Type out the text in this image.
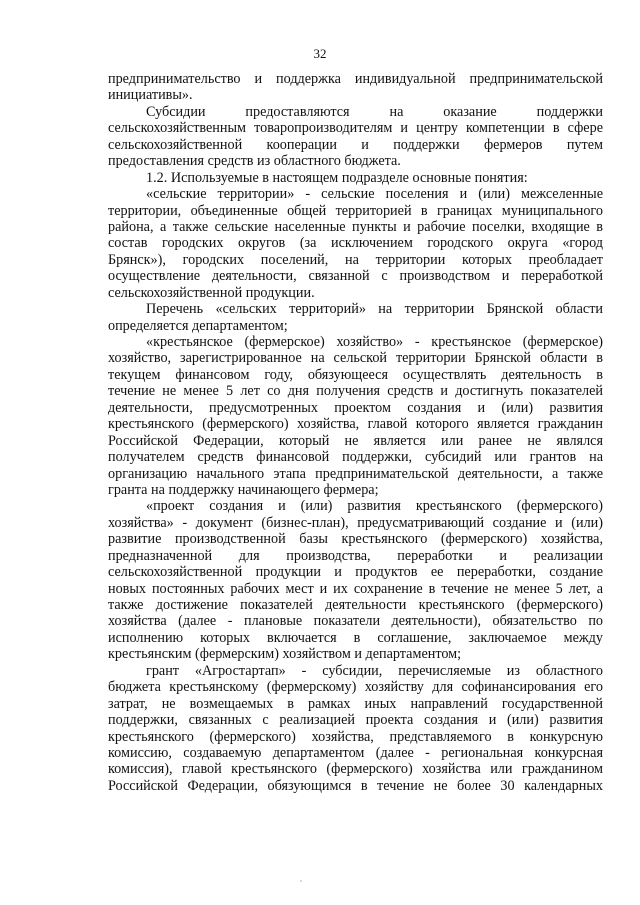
32
предпринимательство и поддержка индивидуальной предпринимательской
инициативы».
Субсидии предоставляются на оказание поддержки
сельскохозяйственным товаропроизводителям и центру компетенции в сфере
сельскохозяйственной кооперации и поддержки фермеров путем
предоставления средств из областного бюджета.
1.2. Используемые в настоящем подразделе основные понятия:
«сельские территории» - сельские поселения и (или) межселенные
территории, объединенные общей территорией в границах муниципального
района, а также сельские населенные пункты и рабочие поселки, входящие в
состав городских округов (за исключением городского округа «город
Брянск»), городских поселений, на территории которых преобладает
осуществление деятельности, связанной с производством и переработкой
сельскохозяйственной продукции.
Перечень «сельских территорий» на территории Брянской области
определяется департаментом;
«крестьянское (фермерское) хозяйство» - крестьянское (фермерское)
хозяйство, зарегистрированное на сельской территории Брянской области в
текущем финансовом году, обязующееся осуществлять деятельность в
течение не менее 5 лет со дня получения средств и достигнуть показателей
деятельности, предусмотренных проектом создания и (или) развития
крестьянского (фермерского) хозяйства, главой которого является гражданин
Российской Федерации, который не является или ранее не являлся
получателем средств финансовой поддержки, субсидий или грантов на
организацию начального этапа предпринимательской деятельности, а также
гранта на поддержку начинающего фермера;
«проект создания и (или) развития крестьянского (фермерского)
хозяйства» - документ (бизнес-план), предусматривающий создание и (или)
развитие производственной базы крестьянского (фермерского) хозяйства,
предназначенной для производства, переработки и реализации
сельскохозяйственной продукции и продуктов ее переработки, создание
новых постоянных рабочих мест и их сохранение в течение не менее 5 лет, а
также достижение показателей деятельности крестьянского (фермерского)
хозяйства (далее - плановые показатели деятельности), обязательство по
исполнению которых включается в соглашение, заключаемое между
крестьянским (фермерским) хозяйством и департаментом;
грант «Агростартап» - субсидии, перечисляемые из областного
бюджета крестьянскому (фермерскому) хозяйству для софинансирования его
затрат, не возмещаемых в рамках иных направлений государственной
поддержки, связанных с реализацией проекта создания и (или) развития
крестьянского (фермерского) хозяйства, представляемого в конкурсную
комиссию, создаваемую департаментом (далее - региональная конкурсная
комиссия), главой крестьянского (фермерского) хозяйства или гражданином
Российской Федерации, обязующимся в течение не более 30 календарных
